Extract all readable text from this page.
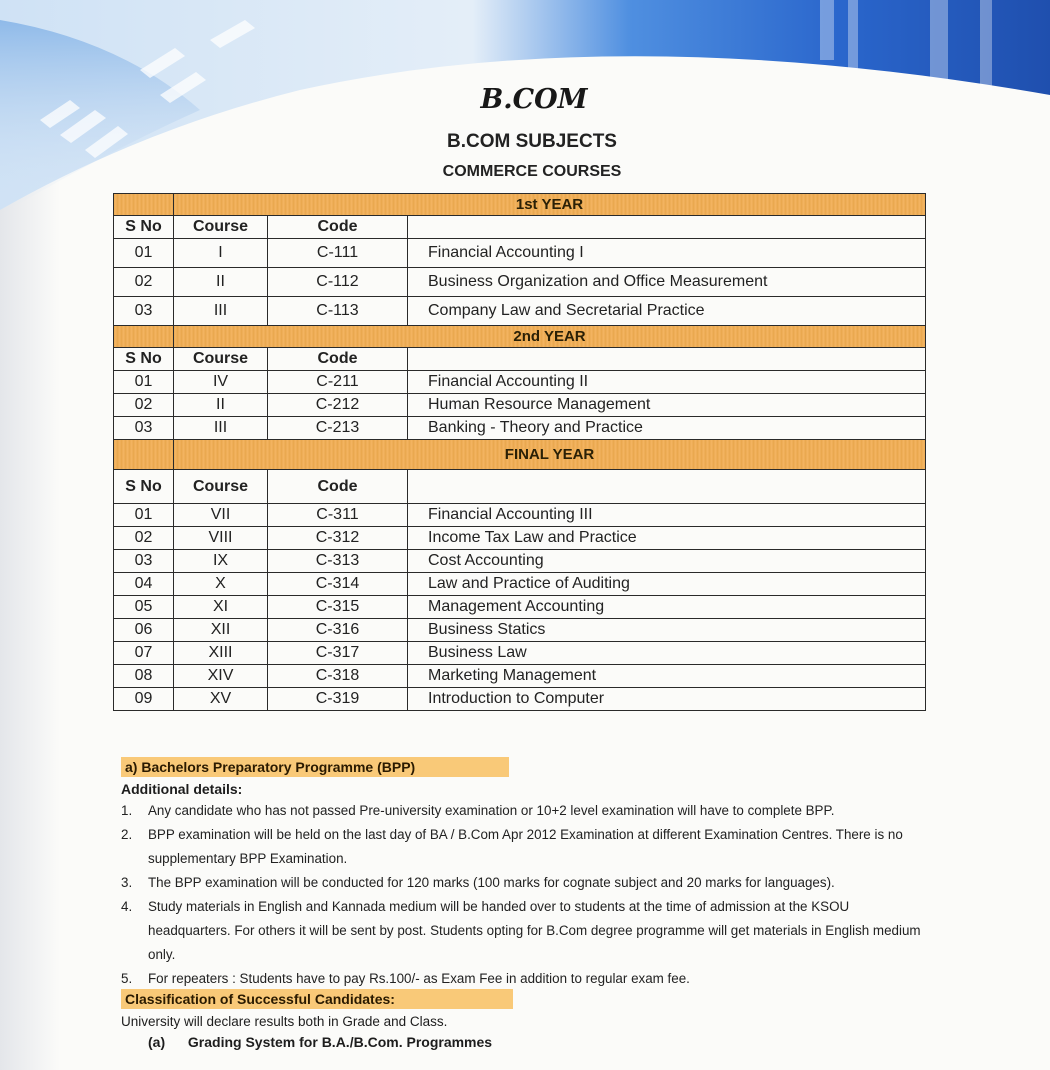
B.COM
B.COM SUBJECTS
COMMERCE COURSES
	1st YEAR		
S No	Course	Code	
01	I	C-111	Financial Accounting I
02	II	C-112	Business Organization and Office Measurement
03	III	C-113	Company Law and Secretarial Practice
	2nd YEAR		
S No	Course	Code	
01	IV	C-211	Financial Accounting II
02	II	C-212	Human Resource Management
03	III	C-213	Banking - Theory and Practice
	FINAL YEAR		
S No	Course	Code	
01	VII	C-311	Financial Accounting III
02	VIII	C-312	Income Tax Law and Practice
03	IX	C-313	Cost Accounting
04	X	C-314	Law and Practice of Auditing
05	XI	C-315	Management Accounting
06	XII	C-316	Business Statics
07	XIII	C-317	Business Law
08	XIV	C-318	Marketing Management
09	XV	C-319	Introduction to Computer
a) Bachelors Preparatory Programme (BPP)
Additional details:
1. Any candidate who has not passed Pre-university examination or 10+2 level examination will have to complete BPP.
2. BPP examination will be held on the last day of BA / B.Com Apr 2012 Examination at different Examination Centres. There is no supplementary BPP Examination.
3. The BPP examination will be conducted for 120 marks (100 marks for cognate subject and 20 marks for languages).
4. Study materials in English and Kannada medium will be handed over to students at the time of admission at the KSOU headquarters. For others it will be sent by post. Students opting for B.Com degree programme will get materials in English medium only.
5. For repeaters : Students have to pay Rs.100/- as Exam Fee in addition to regular exam fee.
Classification of Successful Candidates:
University will declare results both in Grade and Class.
(a) Grading System for B.A./B.Com. Programmes
